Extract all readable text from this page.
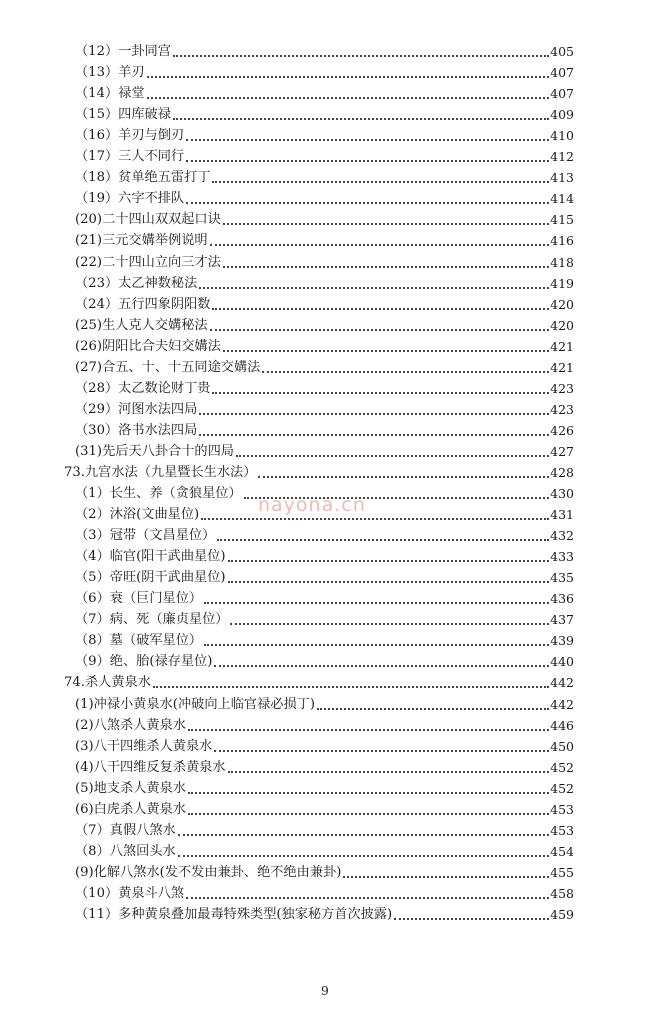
（12）一卦同宫	405
（13）羊刃	407
（14）禄堂	407
（15）四库破禄	409
（16）羊刃与倒刃	410
（17）三人不同行	412
（18）贫单绝五雷打丁	413
（19）六字不排队	414
(20)二十四山双双起口诀	415
(21)三元交媾举例说明	416
(22)二十四山立向三才法	418
（23）太乙神数秘法	419
（24）五行四象阴阳数	420
(25)生人克人交媾秘法	420
(26)阴阳比合夫妇交媾法	421
(27)合五、十、十五同途交媾法	421
（28）太乙数论财丁贵	423
（29）河图水法四局	423
（30）洛书水法四局	426
(31)先后天八卦合十的四局	427
73.九宫水法（九星暨长生水法）	428
（1）长生、养（贪狼星位）	430
（2）沐浴(文曲星位)	431
（3）冠带（文昌星位）	432
（4）临官(阳干武曲星位)	433
（5）帝旺(阴干武曲星位)	435
（6）衰（巨门星位）	436
（7）病、死（廉贞星位）	437
（8）墓（破军星位）	439
（9）绝、胎(禄存星位)	440
74.杀人黄泉水	442
(1)冲禄小黄泉水(冲破向上临官禄必损丁)	442
(2)八煞杀人黄泉水	446
(3)八干四维杀人黄泉水	450
(4)八干四维反复杀黄泉水	452
(5)地支杀人黄泉水	452
(6)白虎杀人黄泉水	453
（7）真假八煞水	453
（8）八煞回头水	454
(9)化解八煞水(发不发由兼卦、绝不绝由兼卦)	455
（10）黄泉斗八煞	458
（11）多种黄泉叠加最毒特殊类型(独家秘方首次披露)	459
nayona.cn
9
